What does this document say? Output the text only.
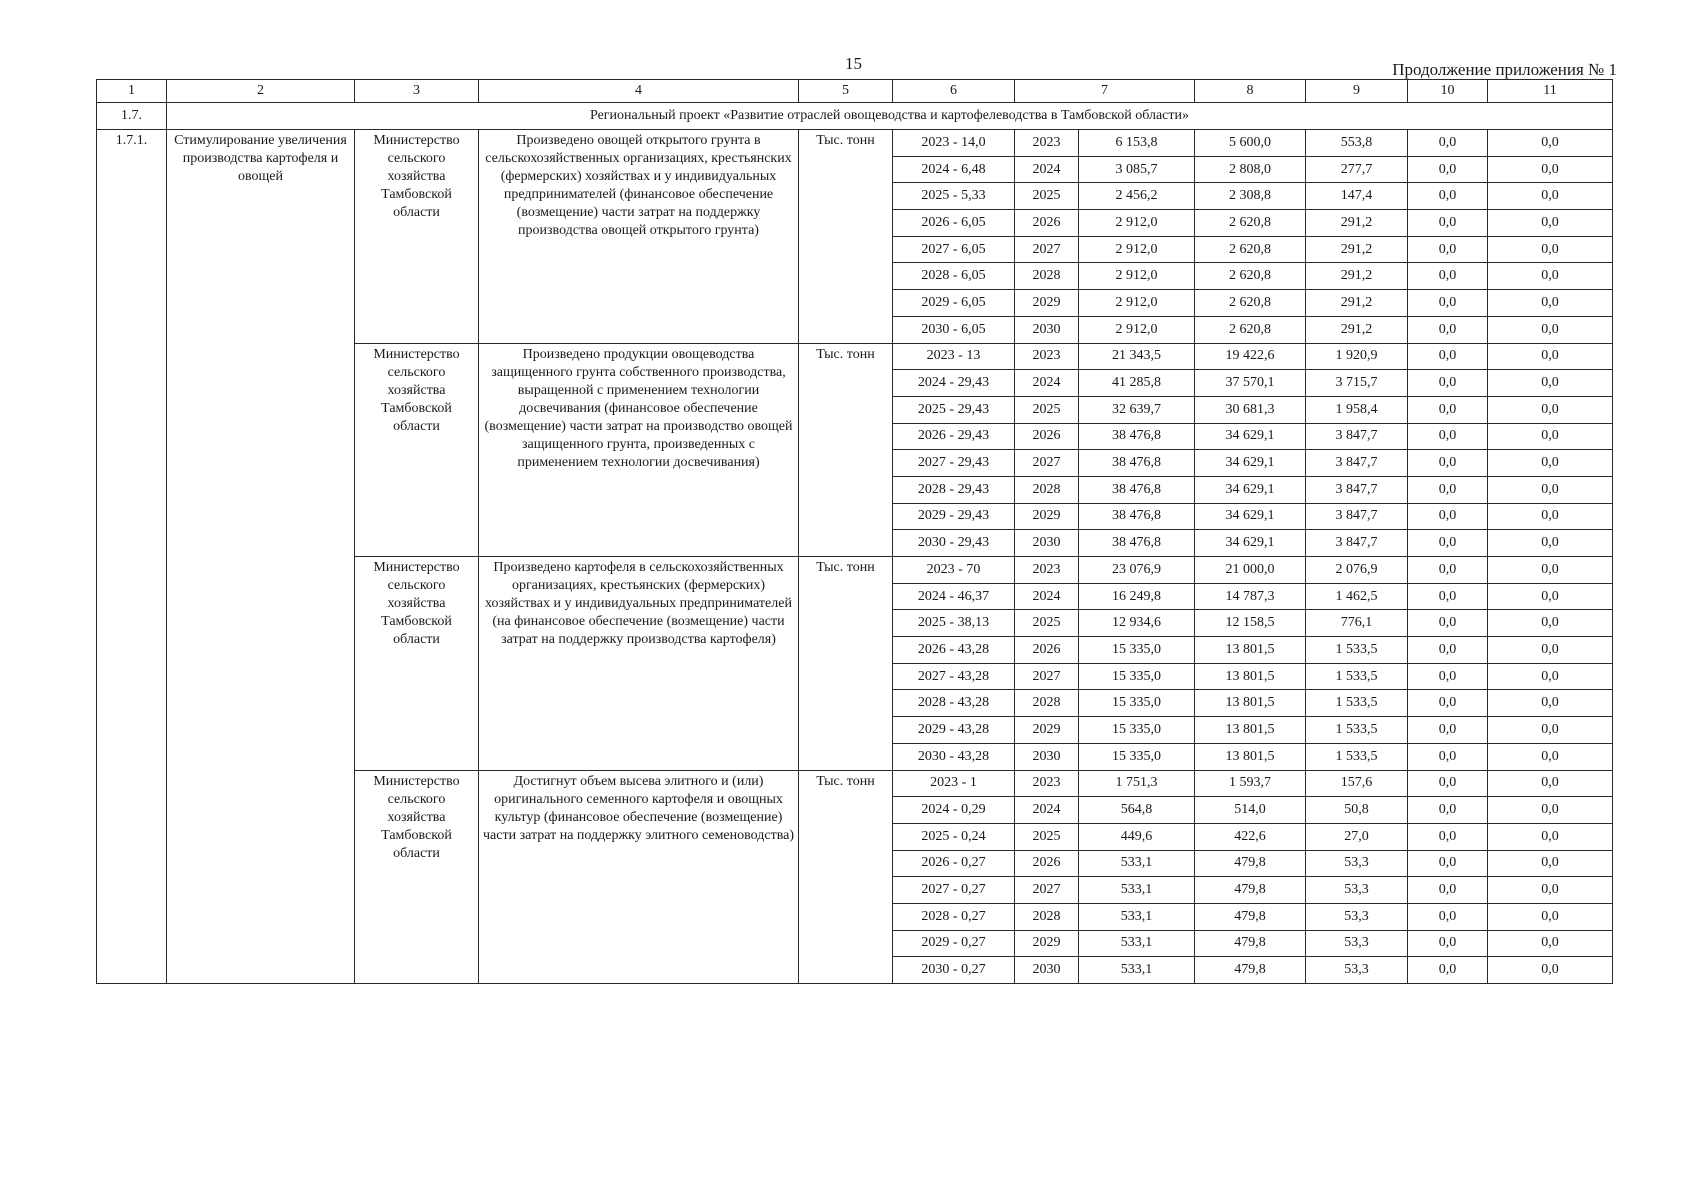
15	Продолжение приложения № 1
1	2	3	4	5	6	7		8	9	10	11
1.7.	Региональный проект «Развитие отраслей овощеводства и картофелеводства в Тамбовской области»										
1.7.1.	Стимулирование увеличения производства картофеля и овощей	Министерство сельского хозяйства Тамбовской области	Произведено овощей открытого грунта в сельскохозяйственных организациях, крестьянских (фермерских) хозяйствах и у индивидуальных предпринимателей (финансовое обеспечение (возмещение) части затрат на поддержку производства овощей открытого грунта)	Тыс. тонн	2023 - 14,0	2023	6 153,8	5 600,0	553,8	0,0	0,0
					2024 - 6,48	2024	3 085,7	2 808,0	277,7	0,0	0,0
					2025 - 5,33	2025	2 456,2	2 308,8	147,4	0,0	0,0
					2026 - 6,05	2026	2 912,0	2 620,8	291,2	0,0	0,0
					2027 - 6,05	2027	2 912,0	2 620,8	291,2	0,0	0,0
					2028 - 6,05	2028	2 912,0	2 620,8	291,2	0,0	0,0
					2029 - 6,05	2029	2 912,0	2 620,8	291,2	0,0	0,0
					2030 - 6,05	2030	2 912,0	2 620,8	291,2	0,0	0,0
		Министерство сельского хозяйства Тамбовской области	Произведено продукции овощеводства защищенного грунта собственного производства, выращенной с применением технологии досвечивания (финансовое обеспечение (возмещение) части затрат на производство овощей защищенного грунта, произведенных с применением технологии досвечивания)	Тыс. тонн	2023 - 13	2023	21 343,5	19 422,6	1 920,9	0,0	0,0
					2024 - 29,43	2024	41 285,8	37 570,1	3 715,7	0,0	0,0
					2025 - 29,43	2025	32 639,7	30 681,3	1 958,4	0,0	0,0
					2026 - 29,43	2026	38 476,8	34 629,1	3 847,7	0,0	0,0
					2027 - 29,43	2027	38 476,8	34 629,1	3 847,7	0,0	0,0
					2028 - 29,43	2028	38 476,8	34 629,1	3 847,7	0,0	0,0
					2029 - 29,43	2029	38 476,8	34 629,1	3 847,7	0,0	0,0
					2030 - 29,43	2030	38 476,8	34 629,1	3 847,7	0,0	0,0
		Министерство сельского хозяйства Тамбовской области	Произведено картофеля в сельскохозяйственных организациях, крестьянских (фермерских) хозяйствах и у индивидуальных предпринимателей (на финансовое обеспечение (возмещение) части затрат на поддержку производства картофеля)	Тыс. тонн	2023 - 70	2023	23 076,9	21 000,0	2 076,9	0,0	0,0
					2024 - 46,37	2024	16 249,8	14 787,3	1 462,5	0,0	0,0
					2025 - 38,13	2025	12 934,6	12 158,5	776,1	0,0	0,0
					2026 - 43,28	2026	15 335,0	13 801,5	1 533,5	0,0	0,0
					2027 - 43,28	2027	15 335,0	13 801,5	1 533,5	0,0	0,0
					2028 - 43,28	2028	15 335,0	13 801,5	1 533,5	0,0	0,0
					2029 - 43,28	2029	15 335,0	13 801,5	1 533,5	0,0	0,0
					2030 - 43,28	2030	15 335,0	13 801,5	1 533,5	0,0	0,0
		Министерство сельского хозяйства Тамбовской области	Достигнут объем высева элитного и (или) оригинального семенного картофеля и овощных культур (финансовое обеспечение (возмещение) части затрат на поддержку элитного семеноводства)	Тыс. тонн	2023 - 1	2023	1 751,3	1 593,7	157,6	0,0	0,0
					2024 - 0,29	2024	564,8	514,0	50,8	0,0	0,0
					2025 - 0,24	2025	449,6	422,6	27,0	0,0	0,0
					2026 - 0,27	2026	533,1	479,8	53,3	0,0	0,0
					2027 - 0,27	2027	533,1	479,8	53,3	0,0	0,0
					2028 - 0,27	2028	533,1	479,8	53,3	0,0	0,0
					2029 - 0,27	2029	533,1	479,8	53,3	0,0	0,0
					2030 - 0,27	2030	533,1	479,8	53,3	0,0	0,0
